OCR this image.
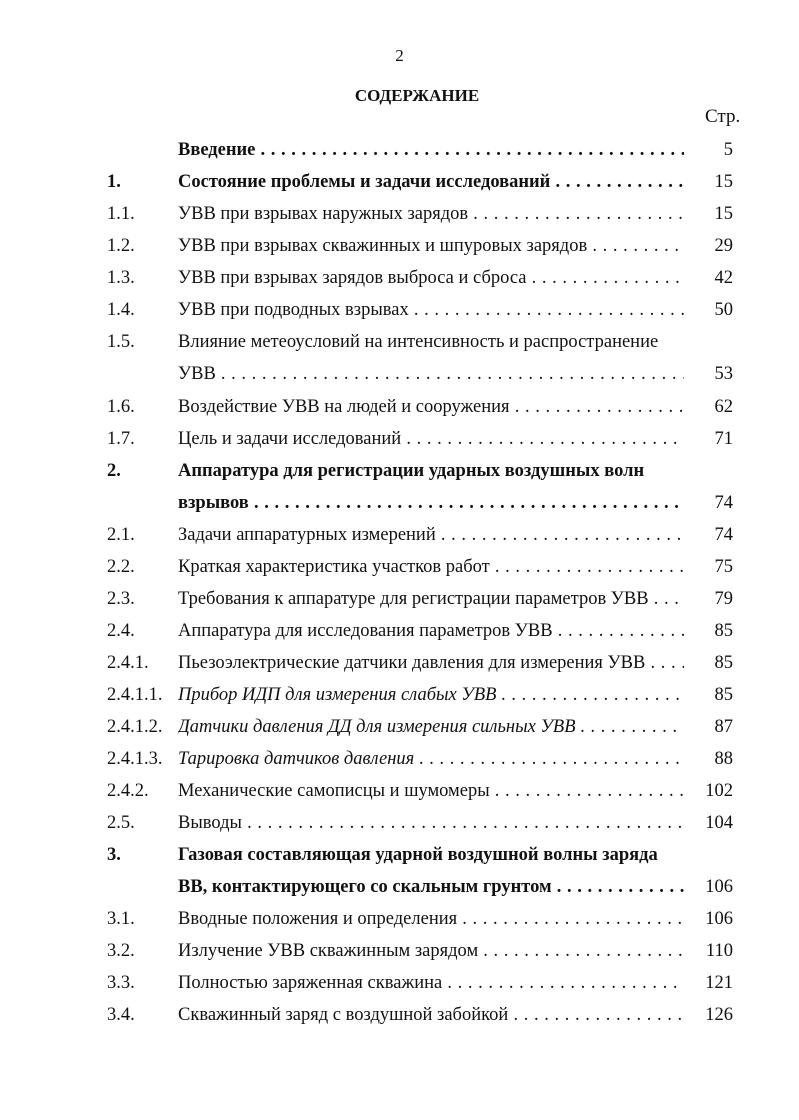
2
СОДЕРЖАНИЕ
Стр.
Введение . . .	5
1.	Состояние проблемы и задачи исследований . . .	15
1.1. УВВ при взрывах наружных зарядов . . .	15
1.2. УВВ при взрывах скважинных и шпуровых зарядов . . .	29
1.3. УВВ при взрывах зарядов выброса и сброса . . .	42
1.4. УВВ при подводных взрывах . . .	50
1.5. Влияние метеоусловий на интенсивность и распространение
УВВ . . .	53
1.6. Воздействие УВВ на людей и сооружения . . .	62
1.7. Цель и задачи исследований . . .	71
2.	Аппаратура для регистрации ударных воздушных волн
взрывов . . .	74
2.1. Задачи аппаратурных измерений . . .	74
2.2. Краткая характеристика участков работ . . .	75
2.3. Требования к аппаратуре для регистрации параметров УВВ . . .	79
2.4. Аппаратура для исследования параметров УВВ . . .	85
2.4.1. Пьезоэлектрические датчики давления для измерения УВВ . . .	85
2.4.1.1. Прибор ИДП для измерения слабых УВВ . . .	85
2.4.1.2. Датчики давления ДД для измерения сильных УВВ . . .	87
2.4.1.3. Тарировка датчиков давления . . .	88
2.4.2. Механические самописцы и шумомеры . . .	102
2.5. Выводы . . .	104
3.	Газовая составляющая ударной воздушной волны заряда
ВВ, контактирующего со скальным грунтом . . .	106
3.1. Вводные положения и определения . . .	106
3.2. Излучение УВВ скважинным зарядом . . .	110
3.3. Полностью заряженная скважина . . .	121
3.4. Скважинный заряд с воздушной забойкой . . .	126
